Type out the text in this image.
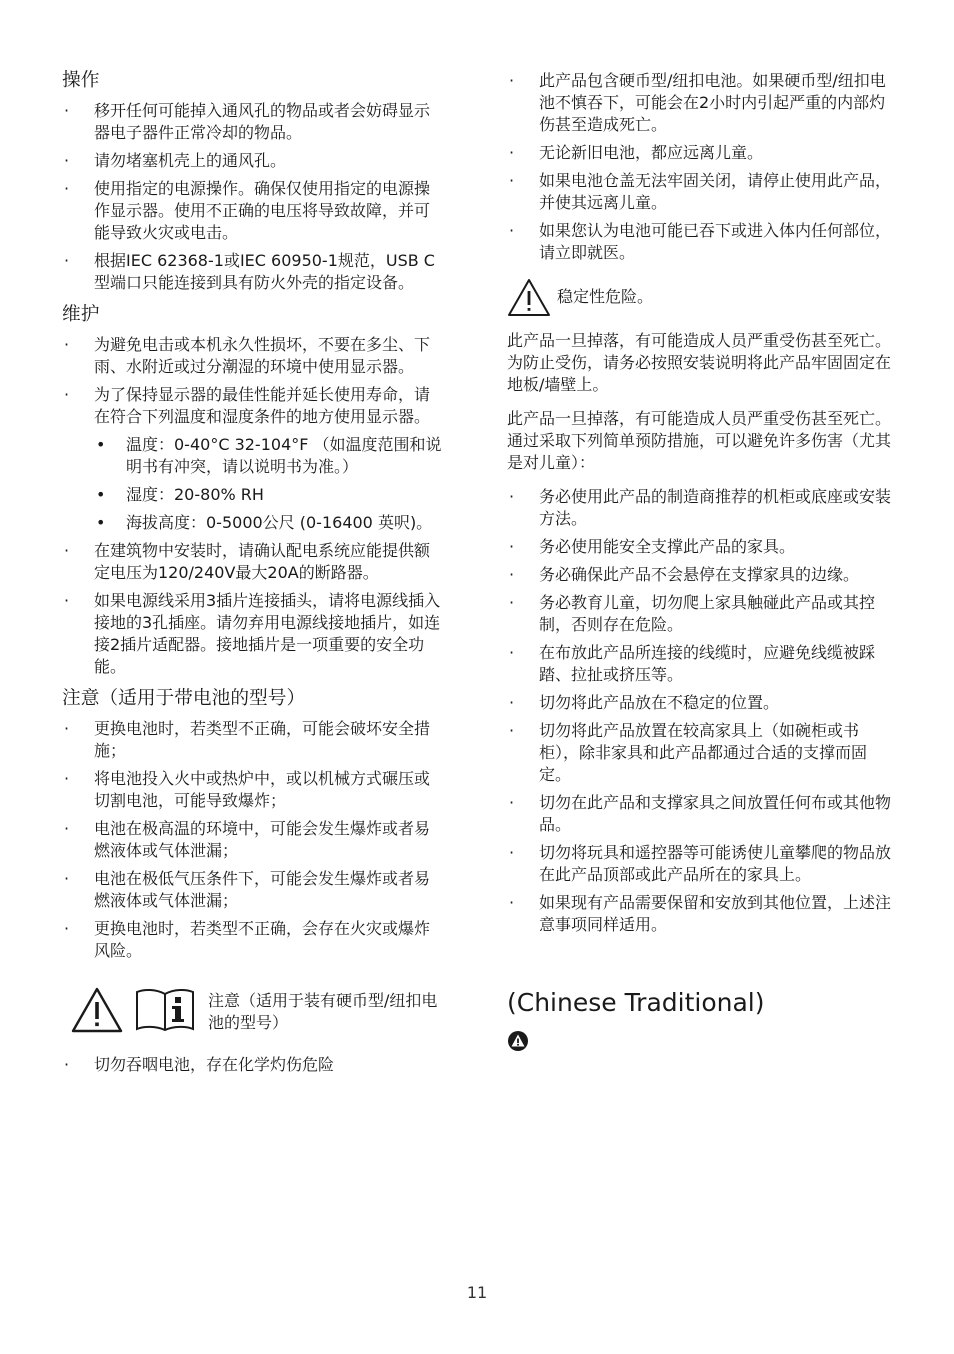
操作
· 移开任何可能掉入通风孔的物品或者会妨碍显示器电子器件正常冷却的物品。
· 请勿堵塞机壳上的通风孔。
· 使用指定的电源操作。确保仅使用指定的电源操作显示器。使用不正确的电压将导致故障，并可能导致火灾或电击。
· 根据IEC 62368-1或IEC 60950-1规范，USB C型端口只能连接到具有防火外壳的指定设备。
维护
· 为避免电击或本机永久性损坏，不要在多尘、下雨、水附近或过分潮湿的环境中使用显示器。
· 为了保持显示器的最佳性能并延长使用寿命，请在符合下列温度和湿度条件的地方使用显示器。
• 温度：0-40°C 32-104°F （如温度范围和说明书有冲突，请以说明书为准。）
• 湿度：20-80% RH
• 海拔高度：0-5000公尺 (0-16400 英呎)。
· 在建筑物中安装时，请确认配电系统应能提供额定电压为120/240V最大20A的断路器。
· 如果电源线采用3插片连接插头，请将电源线插入接地的3孔插座。请勿弃用电源线接地插片，如连接2插片适配器。接地插片是一项重要的安全功能。
注意（适用于带电池的型号）
· 更换电池时，若类型不正确，可能会破坏安全措施；
· 将电池投入火中或热炉中，或以机械方式碾压或切割电池，可能导致爆炸；
· 电池在极高温的环境中，可能会发生爆炸或者易燃液体或气体泄漏；
· 电池在极低气压条件下，可能会发生爆炸或者易燃液体或气体泄漏；
· 更换电池时，若类型不正确，会存在火灾或爆炸风险。
注意（适用于装有硬币型/纽扣电池的型号）
· 切勿吞咽电池，存在化学灼伤危险
· 此产品包含硬币型/纽扣电池。如果硬币型/纽扣电池不慎吞下，可能会在2小时内引起严重的内部灼伤甚至造成死亡。
· 无论新旧电池，都应远离儿童。
· 如果电池仓盖无法牢固关闭，请停止使用此产品，并使其远离儿童。
· 如果您认为电池可能已吞下或进入体内任何部位，请立即就医。
稳定性危险。

此产品一旦掉落，有可能造成人员严重受伤甚至死亡。为防止受伤，请务必按照安装说明将此产品牢固固定在地板/墙壁上。

此产品一旦掉落，有可能造成人员严重受伤甚至死亡。通过采取下列简单预防措施，可以避免许多伤害（尤其是对儿童）：

· 务必使用此产品的制造商推荐的机柜或底座或安装方法。
· 务必使用能安全支撑此产品的家具。
· 务必确保此产品不会悬停在支撑家具的边缘。
· 务必教育儿童，切勿爬上家具触碰此产品或其控制，否则存在危险。
· 在布放此产品所连接的线缆时，应避免线缆被踩踏、拉扯或挤压等。
· 切勿将此产品放在不稳定的位置。
· 切勿将此产品放置在较高家具上（如碗柜或书柜），除非家具和此产品都通过合适的支撑而固定。
· 切勿在此产品和支撑家具之间放置任何布或其他物品。
· 切勿将玩具和遥控器等可能诱使儿童攀爬的物品放在此产品顶部或此产品所在的家具上。
· 如果现有产品需要保留和安放到其他位置，上述注意事项同样适用。
(Chinese Traditional)
11
